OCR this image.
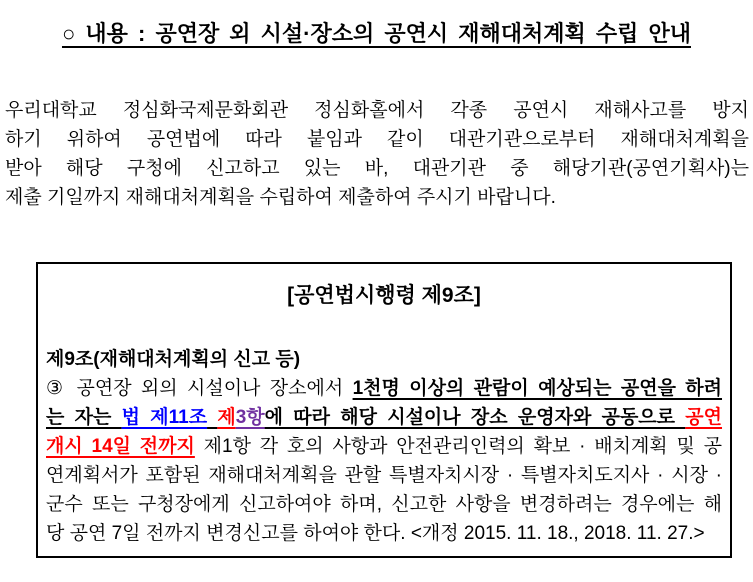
○ 내용 : 공연장 외 시설·장소의 공연시 재해대처계획 수립 안내
우리대학교 정심화국제문화회관 정심화홀에서 각종 공연시 재해사고를 방지
하기 위하여 공연법에 따라 붙임과 같이 대관기관으로부터 재해대처계획을
받아 해당 구청에 신고하고 있는 바, 대관기관 중 해당기관(공연기획사)는
제출 기일까지 재해대처계획을 수립하여 제출하여 주시기 바랍니다.
[공연법시행령 제9조]
제9조(재해대처계획의 신고 등)
③ 공연장 외의 시설이나 장소에서 1천명 이상의 관람이 예상되는 공연을 하려
는 자는 법 제11조 제3항에 따라 해당 시설이나 장소 운영자와 공동으로 공연
개시 14일 전까지 제1항 각 호의 사항과 안전관리인력의 확보 · 배치계획 및 공
연계획서가 포함된 재해대처계획을 관할 특별자치시장 · 특별자치도지사 · 시장 ·
군수 또는 구청장에게 신고하여야 하며, 신고한 사항을 변경하려는 경우에는 해
당 공연 7일 전까지 변경신고를 하여야 한다. <개정 2015. 11. 18., 2018. 11. 27.>
